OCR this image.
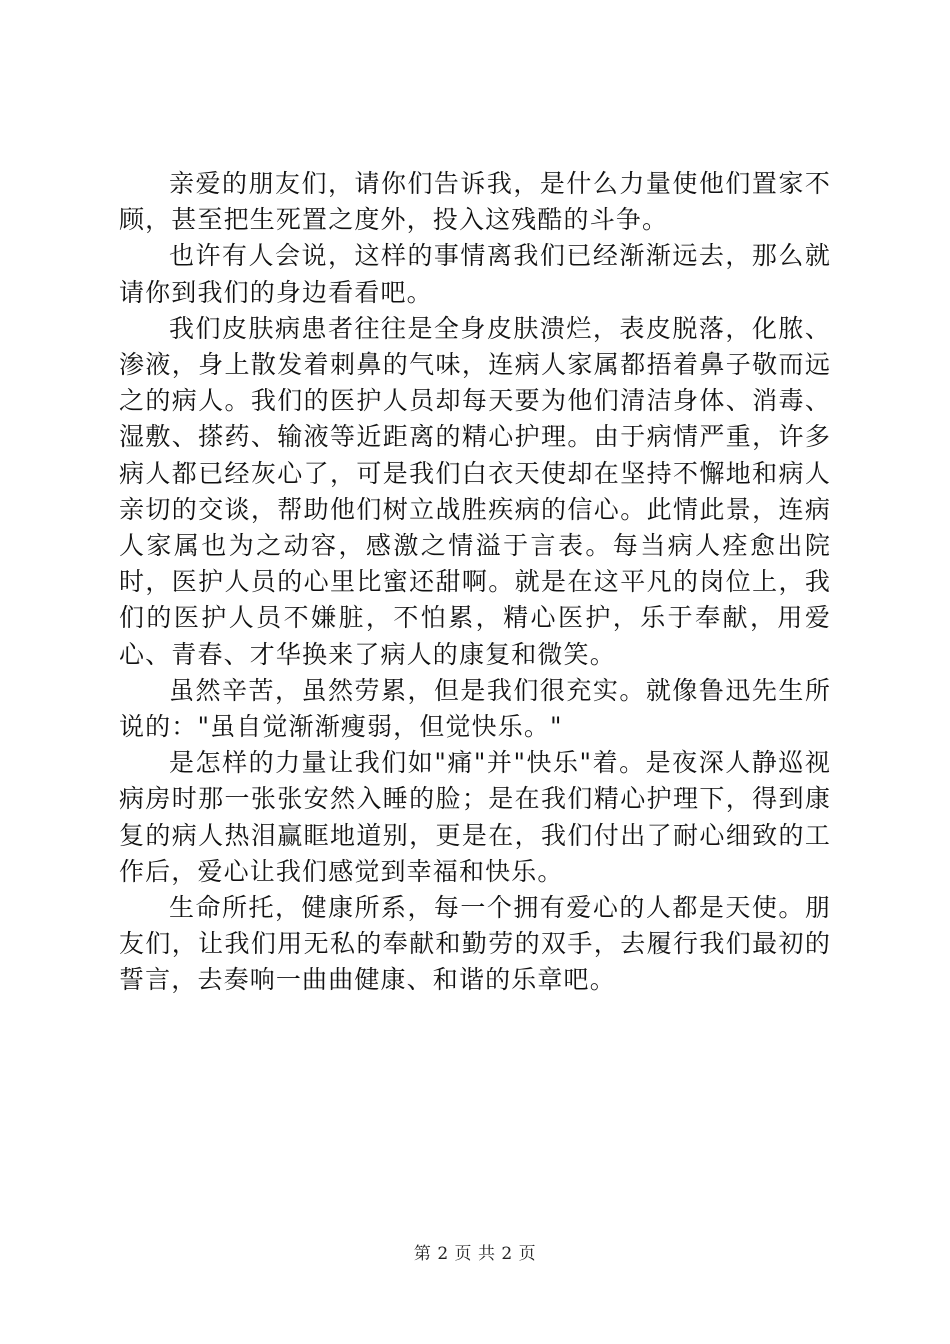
亲爱的朋友们，请你们告诉我，是什么力量使他们置家不顾，甚至把生死置之度外，投入这残酷的斗争。

也许有人会说，这样的事情离我们已经渐渐远去，那么就请你到我们的身边看看吧。

我们皮肤病患者往往是全身皮肤溃烂，表皮脱落，化脓、渗液，身上散发着刺鼻的气味，连病人家属都捂着鼻子敬而远之的病人。我们的医护人员却每天要为他们清洁身体、消毒、湿敷、搽药、输液等近距离的精心护理。由于病情严重，许多病人都已经灰心了，可是我们白衣天使却在坚持不懈地和病人亲切的交谈，帮助他们树立战胜疾病的信心。此情此景，连病人家属也为之动容，感激之情溢于言表。每当病人痊愈出院时，医护人员的心里比蜜还甜啊。就是在这平凡的岗位上，我们的医护人员不嫌脏，不怕累，精心医护，乐于奉献，用爱心、青春、才华换来了病人的康复和微笑。

虽然辛苦，虽然劳累，但是我们很充实。就像鲁迅先生所说的："虽自觉渐渐瘦弱，但觉快乐。"

是怎样的力量让我们如"痛"并"快乐"着。是夜深人静巡视病房时那一张张安然入睡的脸；是在我们精心护理下，得到康复的病人热泪赢眶地道别，更是在，我们付出了耐心细致的工作后，爱心让我们感觉到幸福和快乐。

生命所托，健康所系，每一个拥有爱心的人都是天使。朋友们，让我们用无私的奉献和勤劳的双手，去履行我们最初的誓言，去奏响一曲曲健康、和谐的乐章吧。

第 2 页 共 2 页
